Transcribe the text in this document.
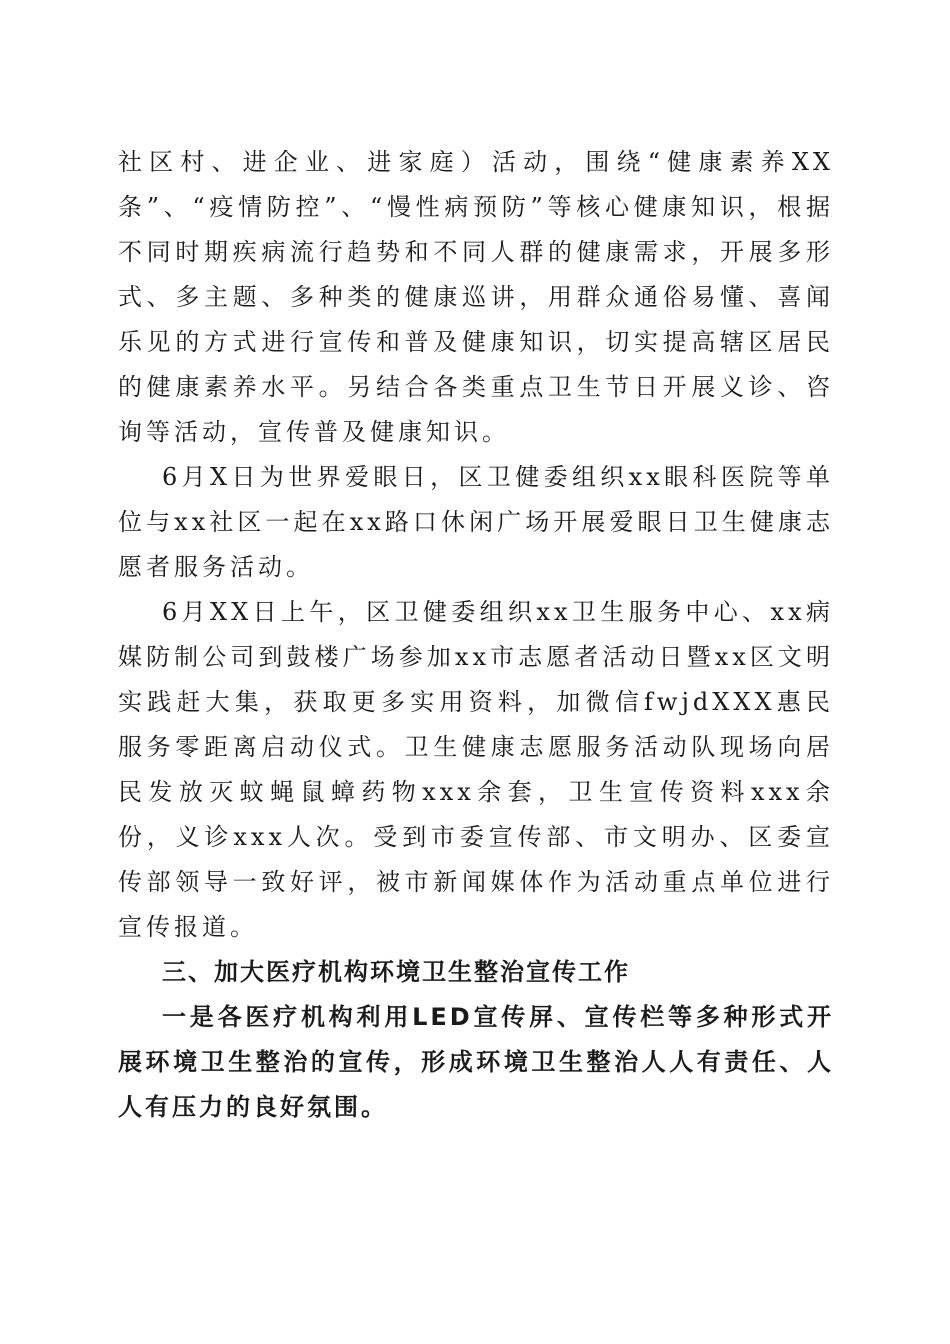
社区村、进企业、进家庭）活动，围绕“健康素养XX条”、“疫情防控”、“慢性病预防”等核心健康知识，根据不同时期疾病流行趋势和不同人群的健康需求，开展多形式、多主题、多种类的健康巡讲，用群众通俗易懂、喜闻乐见的方式进行宣传和普及健康知识，切实提高辖区居民的健康素养水平。另结合各类重点卫生节日开展义诊、咨询等活动，宣传普及健康知识。

6月X日为世界爱眼日，区卫健委组织xx眼科医院等单位与xx社区一起在xx路口休闲广场开展爱眼日卫生健康志愿者服务活动。

6月XX日上午，区卫健委组织xx卫生服务中心、xx病媒防制公司到鼓楼广场参加xx市志愿者活动日暨xx区文明实践赶大集，获取更多实用资料，加微信fwjdXXX惠民服务零距离启动仪式。卫生健康志愿服务活动队现场向居民发放灭蚊蝇鼠蟑药物xxx余套，卫生宣传资料xxx余份，义诊xxx人次。受到市委宣传部、市文明办、区委宣传部领导一致好评，被市新闻媒体作为活动重点单位进行宣传报道。

三、加大医疗机构环境卫生整治宣传工作

一是各医疗机构利用LED宣传屏、宣传栏等多种形式开展环境卫生整治的宣传，形成环境卫生整治人人有责任、人人有压力的良好氛围。
